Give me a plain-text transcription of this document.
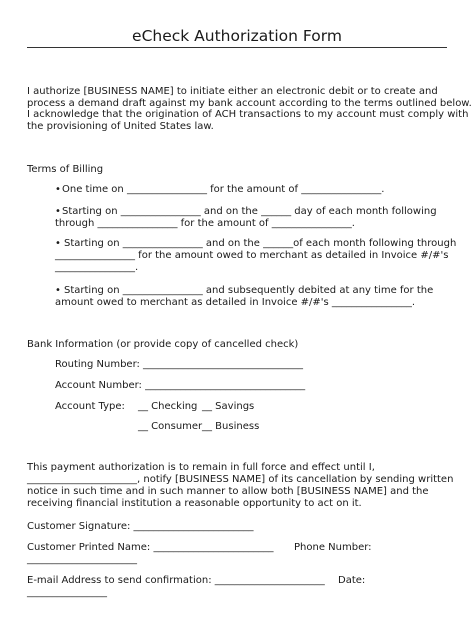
eCheck Authorization Form
I authorize [BUSINESS NAME] to initiate either an electronic debit or to create and
process a demand draft against my bank account according to the terms outlined below.
I acknowledge that the origination of ACH transactions to my account must comply with
the provisioning of United States law.
Terms of Billing
• One time on ________________ for the amount of ________________.
• Starting on ________________ and on the ______ day of each month following
through ________________ for the amount of ________________.
• Starting on ________________ and on the ______of each month following through
________________ for the amount owed to merchant as detailed in Invoice #/#'s
________________.
• Starting on ________________ and subsequently debited at any time for the
amount owed to merchant as detailed in Invoice #/#'s ________________.
Bank Information (or provide copy of cancelled check)
Routing Number: ________________________________
Account Number: ________________________________
Account Type: __ Checking __ Savings
__ Consumer __ Business
This payment authorization is to remain in full force and effect until I,
______________________, notify [BUSINESS NAME] of its cancellation by sending written
notice in such time and in such manner to allow both [BUSINESS NAME] and the
receiving financial institution a reasonable opportunity to act on it.
Customer Signature: ________________________
Customer Printed Name: ________________________ Phone Number:
______________________
E-mail Address to send confirmation: ______________________ Date:
________________
